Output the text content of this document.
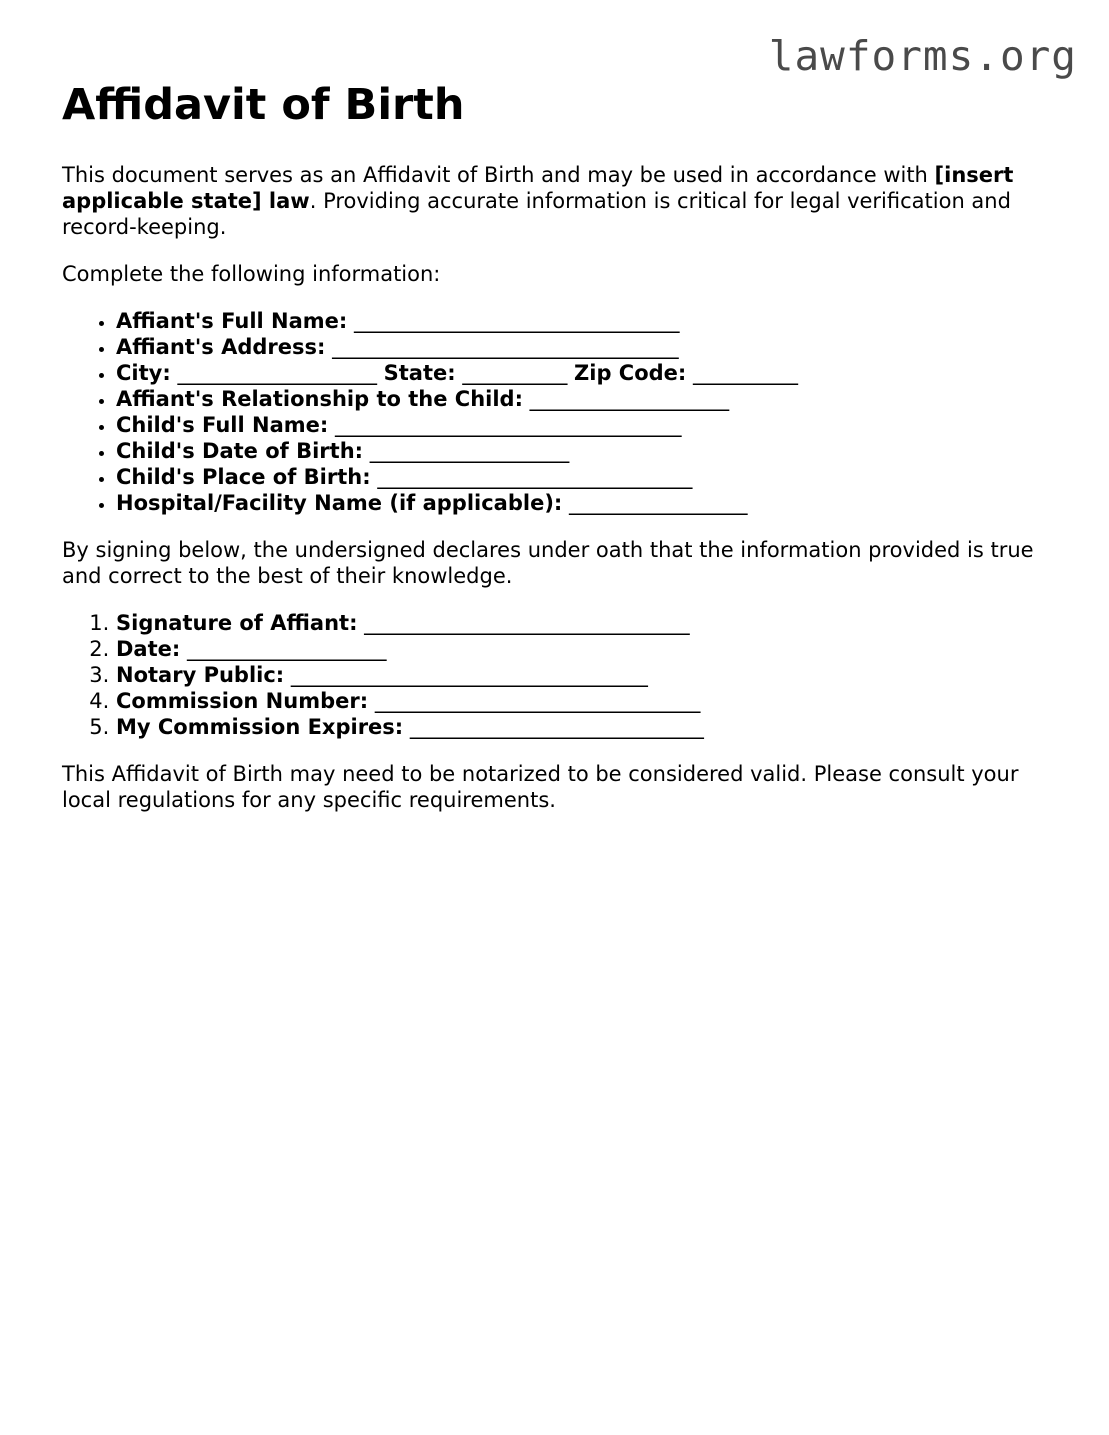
lawforms.org
Affidavit of Birth

This document serves as an Affidavit of Birth and may be used in accordance with [insert applicable state] law. Providing accurate information is critical for legal verification and record-keeping.

Complete the following information:

• Affiant's Full Name: _______________________________
• Affiant's Address: _________________________________
• City: ___________________ State: __________ Zip Code: __________
• Affiant's Relationship to the Child: ___________________
• Child's Full Name: _________________________________
• Child's Date of Birth: ___________________
• Child's Place of Birth: ______________________________
• Hospital/Facility Name (if applicable): _________________

By signing below, the undersigned declares under oath that the information provided is true and correct to the best of their knowledge.

1. Signature of Affiant: _______________________________
2. Date: ___________________
3. Notary Public: __________________________________
4. Commission Number: _______________________________
5. My Commission Expires: ____________________________

This Affidavit of Birth may need to be notarized to be considered valid. Please consult your local regulations for any specific requirements.
